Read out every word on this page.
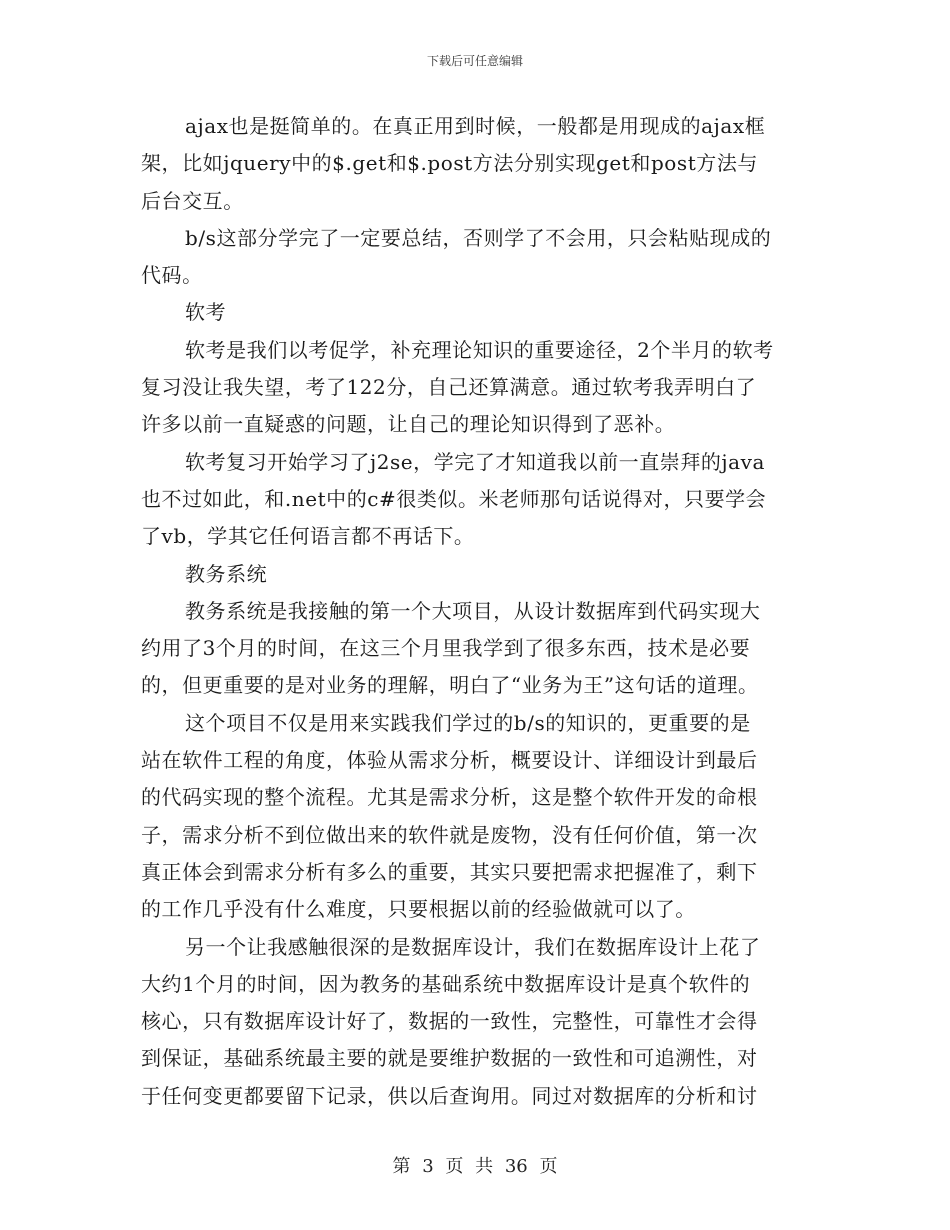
下载后可任意编辑
ajax也是挺简单的。在真正用到时候，一般都是用现成的ajax框
架，比如jquery中的$.get和$.post方法分别实现get和post方法与
后台交互。
b/s这部分学完了一定要总结，否则学了不会用，只会粘贴现成的
代码。
软考
软考是我们以考促学，补充理论知识的重要途径，2个半月的软考
复习没让我失望，考了122分，自己还算满意。通过软考我弄明白了
许多以前一直疑惑的问题，让自己的理论知识得到了恶补。
软考复习开始学习了j2se，学完了才知道我以前一直崇拜的java
也不过如此，和.net中的c#很类似。米老师那句话说得对，只要学会
了vb，学其它任何语言都不再话下。
教务系统
教务系统是我接触的第一个大项目，从设计数据库到代码实现大
约用了3个月的时间，在这三个月里我学到了很多东西，技术是必要
的，但更重要的是对业务的理解，明白了“业务为王”这句话的道理。
这个项目不仅是用来实践我们学过的b/s的知识的，更重要的是
站在软件工程的角度，体验从需求分析，概要设计、详细设计到最后
的代码实现的整个流程。尤其是需求分析，这是整个软件开发的命根
子，需求分析不到位做出来的软件就是废物，没有任何价值，第一次
真正体会到需求分析有多么的重要，其实只要把需求把握准了，剩下
的工作几乎没有什么难度，只要根据以前的经验做就可以了。
另一个让我感触很深的是数据库设计，我们在数据库设计上花了
大约1个月的时间，因为教务的基础系统中数据库设计是真个软件的
核心，只有数据库设计好了，数据的一致性，完整性，可靠性才会得
到保证，基础系统最主要的就是要维护数据的一致性和可追溯性，对
于任何变更都要留下记录，供以后查询用。同过对数据库的分析和讨
第 3 页 共 36 页
